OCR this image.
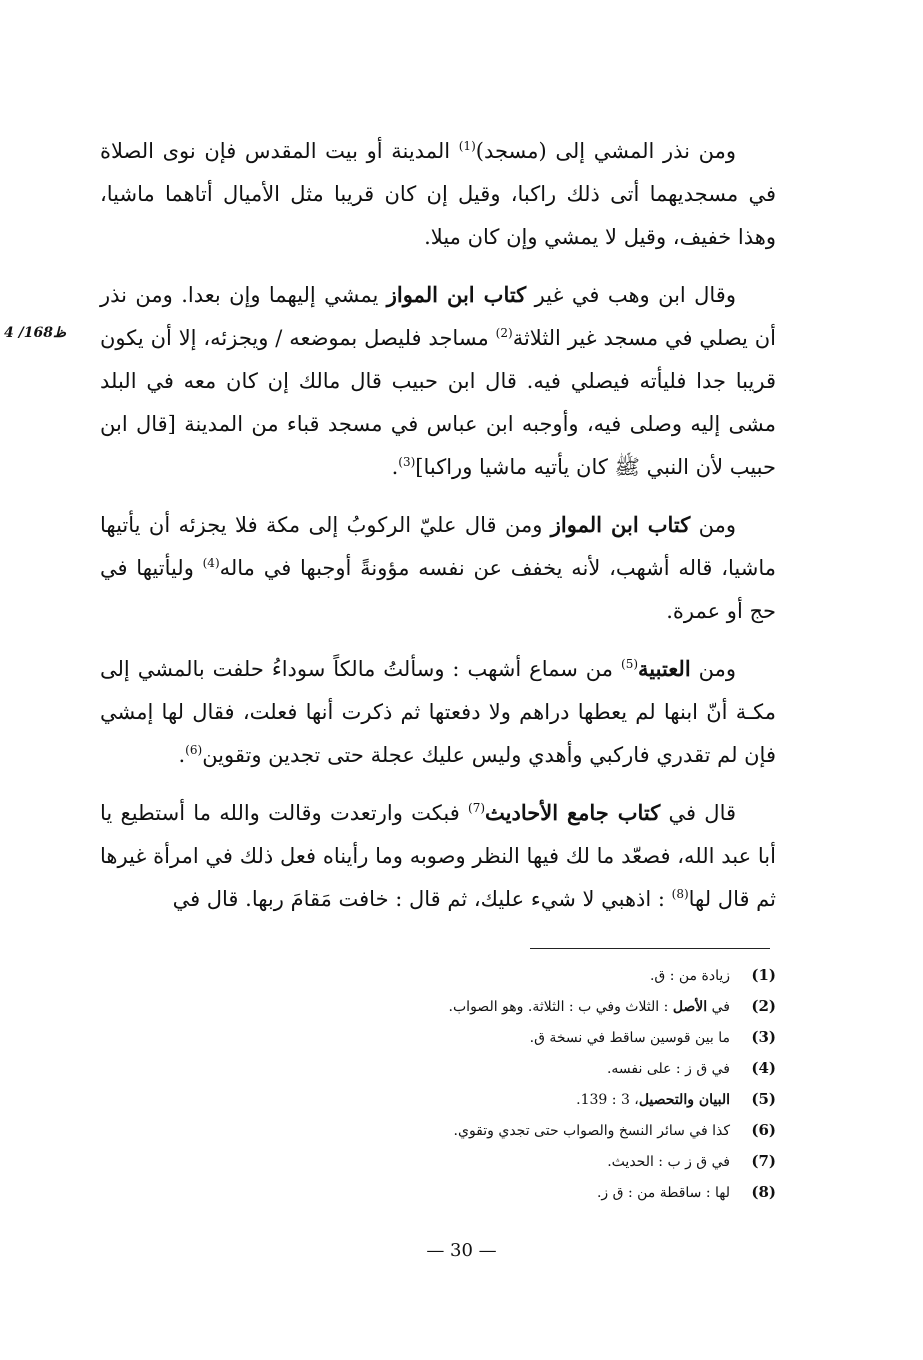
4 /168ظ

ومن نذر المشي إلى (مسجد)$^{(1)}$ المدينة أو بيت المقدس فإن نوى الصلاة في مسجديهما أتى ذلك راكبا، وقيل إن كان قريبا مثل الأميال أتاهما ماشيا، وهذا خفيف، وقيل لا يمشي وإن كان ميلا.

وقال ابن وهب في غير كتاب ابن المواز يمشي إليهما وإن بعدا. ومن نذر أن يصلي في مسجد غير الثلاثة$^{(2)}$ مساجد فليصل بموضعه / ويجزئه، إلا أن يكون قريبا جدا فليأته فيصلي فيه. قال ابن حبيب قال مالك إن كان معه في البلد مشى إليه وصلى فيه، وأوجبه ابن عباس في مسجد قباء من المدينة [قال ابن حبيب لأن النبي ﷺ كان يأتيه ماشيا وراكبا]$^{(3)}$.

ومن كتاب ابن المواز ومن قال عليّ الركوبُ إلى مكة فلا يجزئه أن يأتيها ماشيا، قاله أشهب، لأنه يخفف عن نفسه مؤونةً أوجبها في ماله$^{(4)}$ وليأتيها في حج أو عمرة.

ومن العتبية$^{(5)}$ من سماع أشهب : وسألتُ مالكاً سوداءُ حلفت بالمشي إلى مكـة أنّ ابنها لم يعطها دراهم ولا دفعتها ثم ذكرت أنها فعلت، فقال لها إمشي فإن لم تقدري فاركبي وأهدي وليس عليك عجلة حتى تجدين وتقوين$^{(6)}$.

قال في كتاب جامع الأحاديث$^{(7)}$ فبكت وارتعدت وقالت والله ما أستطيع يا أبا عبد الله، فصعّد ما لك فيها النظر وصوبه وما رأيناه فعل ذلك في امرأة غيرها ثم قال لها$^{(8)}$ : اذهبي لا شيء عليك، ثم قال : خافت مَقامَ ربها. قال في

(1)
زيادة من : ق.
(2)
في الأصل : الثلاث وفي ب : الثلاثة. وهو الصواب.
(3)
ما بين قوسين ساقط في نسخة ق.
(4)
في ق ز : على نفسه.
(5)
البيان والتحصيل، 3 : 139.
(6)
كذا في سائر النسخ والصواب حتى تجدي وتقوي.
(7)
في ق ز ب : الحديث.
(8)
لها : ساقطة من : ق ز.
— 30 —
